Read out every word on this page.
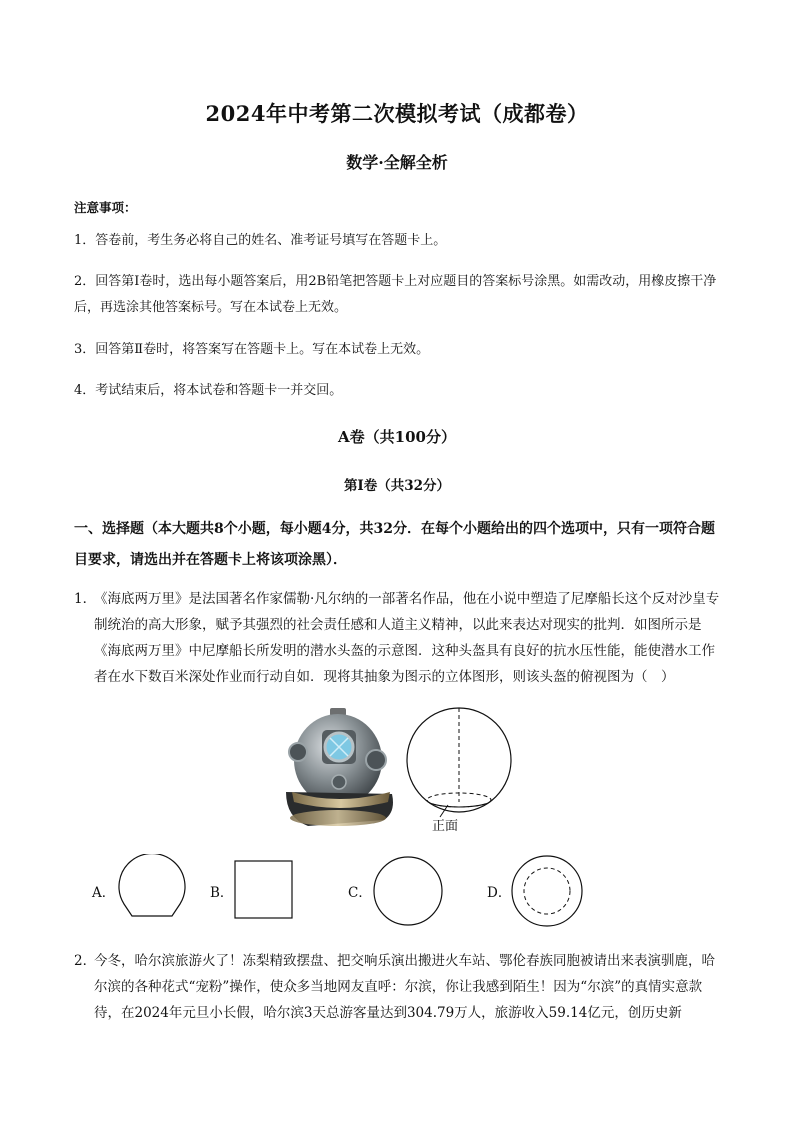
2024年中考第二次模拟考试（成都卷）
数学·全解全析
注意事项：
1．答卷前，考生务必将自己的姓名、准考证号填写在答题卡上。
2．回答第Ⅰ卷时，选出每小题答案后，用2B铅笔把答题卡上对应题目的答案标号涂黑。如需改动，用橡皮擦干净后，再选涂其他答案标号。写在本试卷上无效。
3．回答第Ⅱ卷时，将答案写在答题卡上。写在本试卷上无效。
4．考试结束后，将本试卷和答题卡一并交回。
A卷（共100分）
第Ⅰ卷（共32分）
一、选择题（本大题共8个小题，每小题4分，共32分．在每个小题给出的四个选项中，只有一项符合题目要求，请选出并在答题卡上将该项涂黑）．
1．
《海底两万里》是法国著名作家儒勒·凡尔纳的一部著名作品，他在小说中塑造了尼摩船长这个反对沙皇专制统治的高大形象，赋予其强烈的社会责任感和人道主义精神，以此来表达对现实的批判．如图所示是《海底两万里》中尼摩船长所发明的潜水头盔的示意图．这种头盔具有良好的抗水压性能，能使潜水工作者在水下数百米深处作业而行动自如．现将其抽象为图示的立体图形，则该头盔的俯视图为（　）
正面
A．	B．	C．	D．
2．
今冬，哈尔滨旅游火了！冻梨精致摆盘、把交响乐演出搬进火车站、鄂伦春族同胞被请出来表演驯鹿，哈尔滨的各种花式“宠粉”操作，使众多当地网友直呼：尔滨，你让我感到陌生！因为“尔滨”的真情实意款待，在2024年元旦小长假，哈尔滨3天总游客量达到304.79万人，旅游收入59.14亿元，创历史新
